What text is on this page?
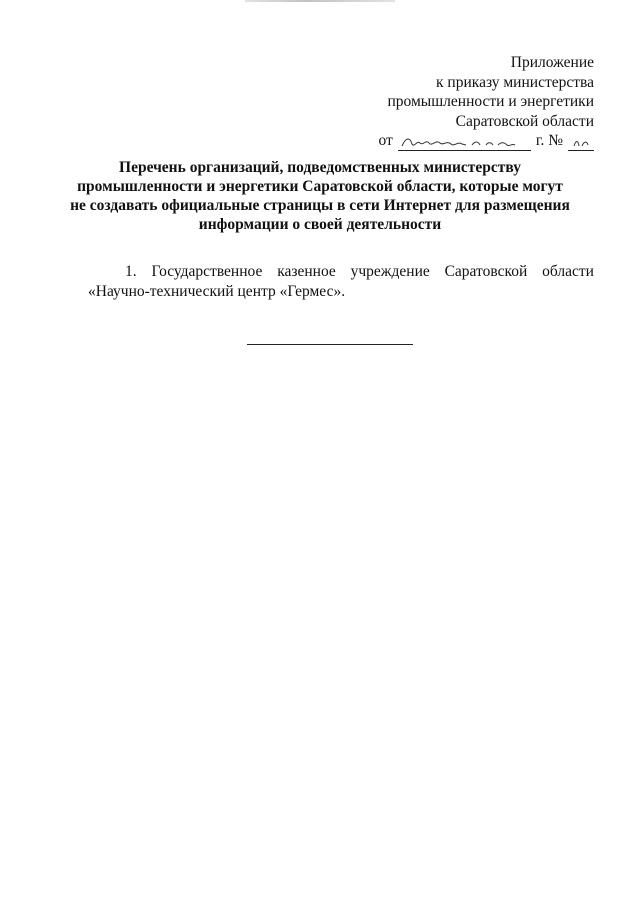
Приложение
к приказу министерства
промышленности и энергетики
Саратовской области
от	г. №
Перечень организаций, подведомственных министерству
промышленности и энергетики Саратовской области, которые могут
не создавать официальные страницы в сети Интернет для размещения
информации о своей деятельности
1. Государственное казенное учреждение Саратовской области
«Научно-технический центр «Гермес».
